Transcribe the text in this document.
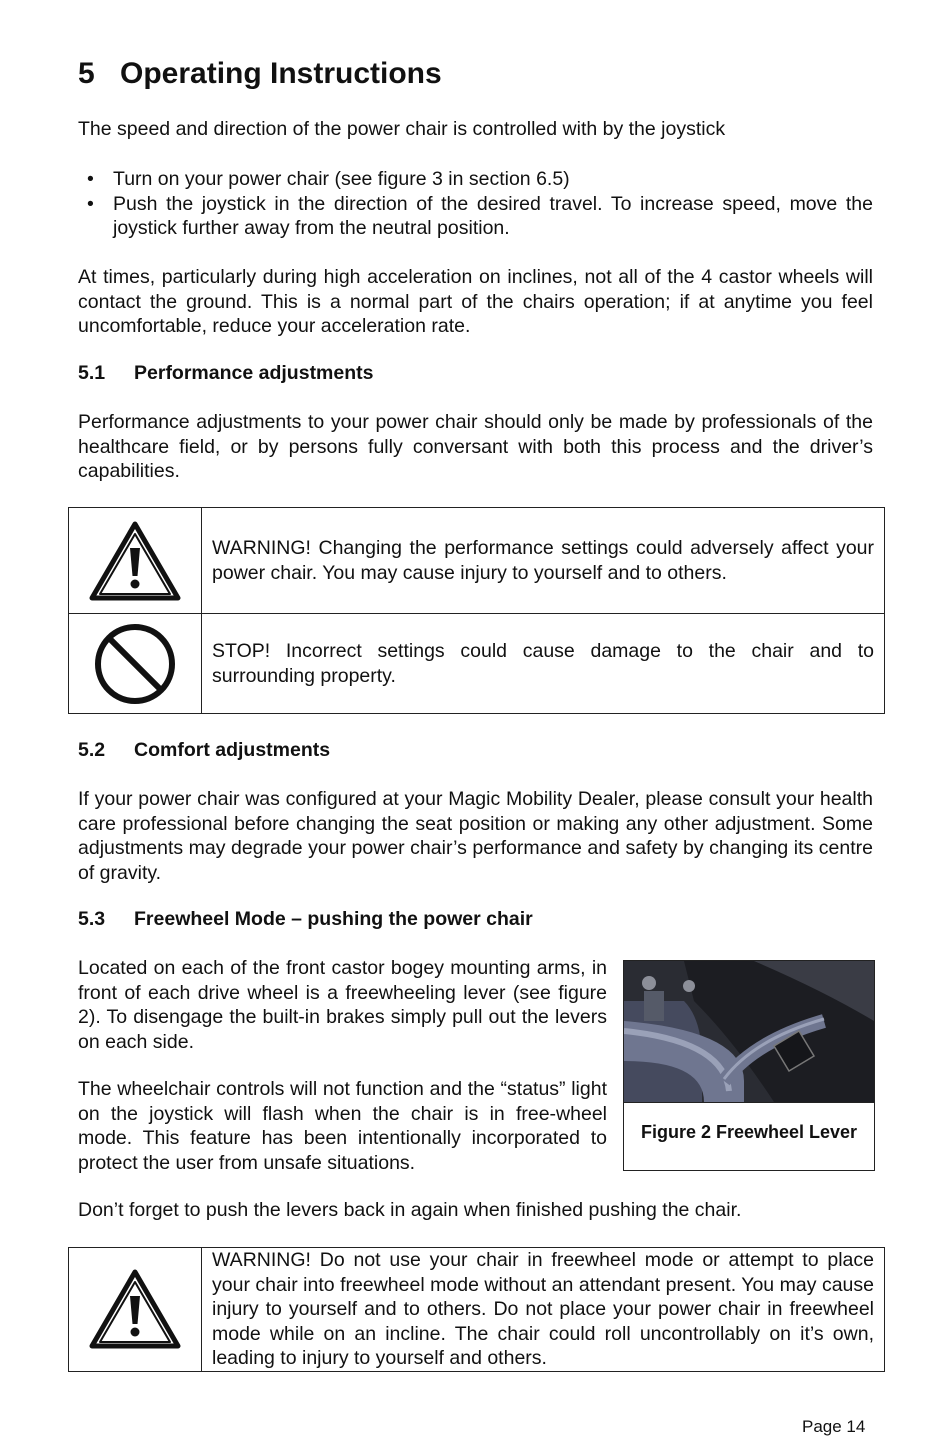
5 Operating Instructions

The speed and direction of the power chair is controlled with by the joystick

• Turn on your power chair (see figure 3 in section 6.5)
• Push the joystick in the direction of the desired travel. To increase speed, move the joystick further away from the neutral position.

At times, particularly during high acceleration on inclines, not all of the 4 castor wheels will contact the ground. This is a normal part of the chairs operation; if at anytime you feel uncomfortable, reduce your acceleration rate.

5.1 Performance adjustments

Performance adjustments to your power chair should only be made by professionals of the healthcare field, or by persons fully conversant with both this process and the driver’s capabilities.

	WARNING! Changing the performance settings could adversely affect your power chair. You may cause injury to yourself and to others.

	STOP! Incorrect settings could cause damage to the chair and to surrounding property.
5.2 Comfort adjustments

If your power chair was configured at your Magic Mobility Dealer, please consult your health care professional before changing the seat position or making any other adjustment. Some adjustments may degrade your power chair’s performance and safety by changing its centre of gravity.

5.3 Freewheel Mode – pushing the power chair

Located on each of the front castor bogey mounting arms, in front of each drive wheel is a freewheeling lever (see figure 2). To disengage the built-in brakes simply pull out the levers on each side.

The wheelchair controls will not function and the “status” light on the joystick will flash when the chair is in free-wheel mode. This feature has been intentionally incorporated to protect the user from unsafe situations.

Figure 2 Freewheel Lever

Don’t forget to push the levers back in again when finished pushing the chair.

	WARNING! Do not use your chair in freewheel mode or attempt to place your chair into freewheel mode without an attendant present. You may cause injury to yourself and to others. Do not place your power chair in freewheel mode while on an incline. The chair could roll uncontrollably on it’s own, leading to injury to yourself and others.
Page 14
